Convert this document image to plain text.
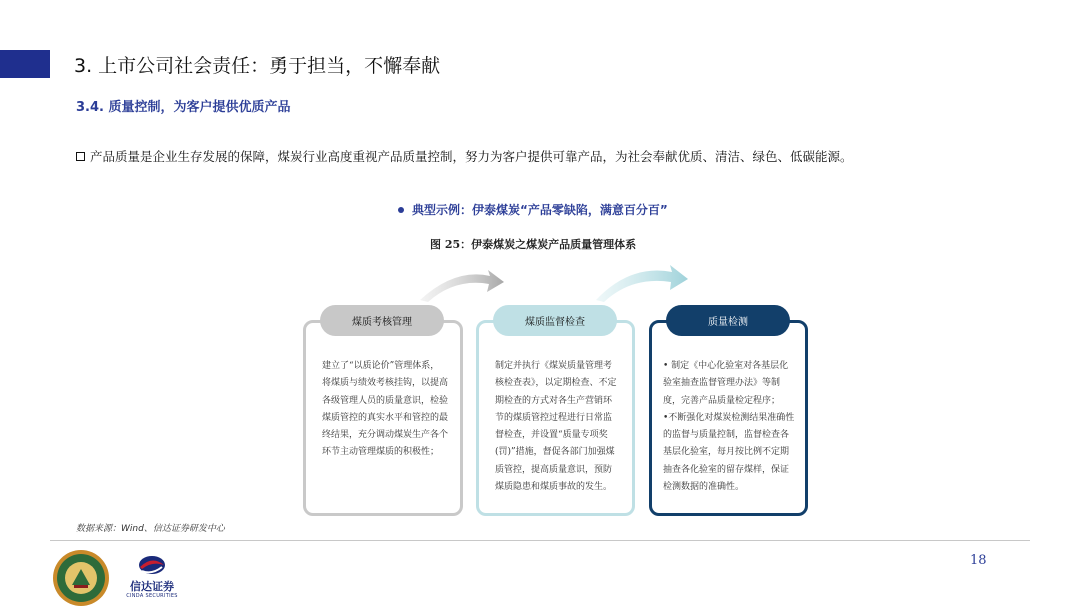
3. 上市公司社会责任：勇于担当，不懈奉献
3.4. 质量控制，为客户提供优质产品
产品质量是企业生存发展的保障，煤炭行业高度重视产品质量控制，努力为客户提供可靠产品，为社会奉献优质、清洁、绿色、低碳能源。
典型示例：伊泰煤炭“产品零缺陷，满意百分百”
图 25：伊泰煤炭之煤炭产品质量管理体系
建立了“以质论价”管理体系，将煤质与绩效考核挂钩，以提高各级管理人员的质量意识，检验煤质管控的真实水平和管控的最终结果，充分调动煤炭生产各个环节主动管理煤质的积极性；
制定并执行《煤炭质量管理考核检查表》，以定期检查、不定期检查的方式对各生产营销环节的煤质管控过程进行日常监督检查，并设置“质量专项奖(罚)”措施，督促各部门加强煤质管控，提高质量意识，预防煤质隐患和煤质事故的发生。
• 制定《中心化验室对各基层化验室抽查监督管理办法》等制度，完善产品质量检定程序；
•不断强化对煤炭检测结果准确性的监督与质量控制，监督检查各基层化验室，每月按比例不定期抽查各化验室的留存煤样，保证检测数据的准确性。
煤质考核管理	煤质监督检查	质量检测
数据来源：Wind、信达证券研发中心
信达证券
CINDA SECURITIES
18
